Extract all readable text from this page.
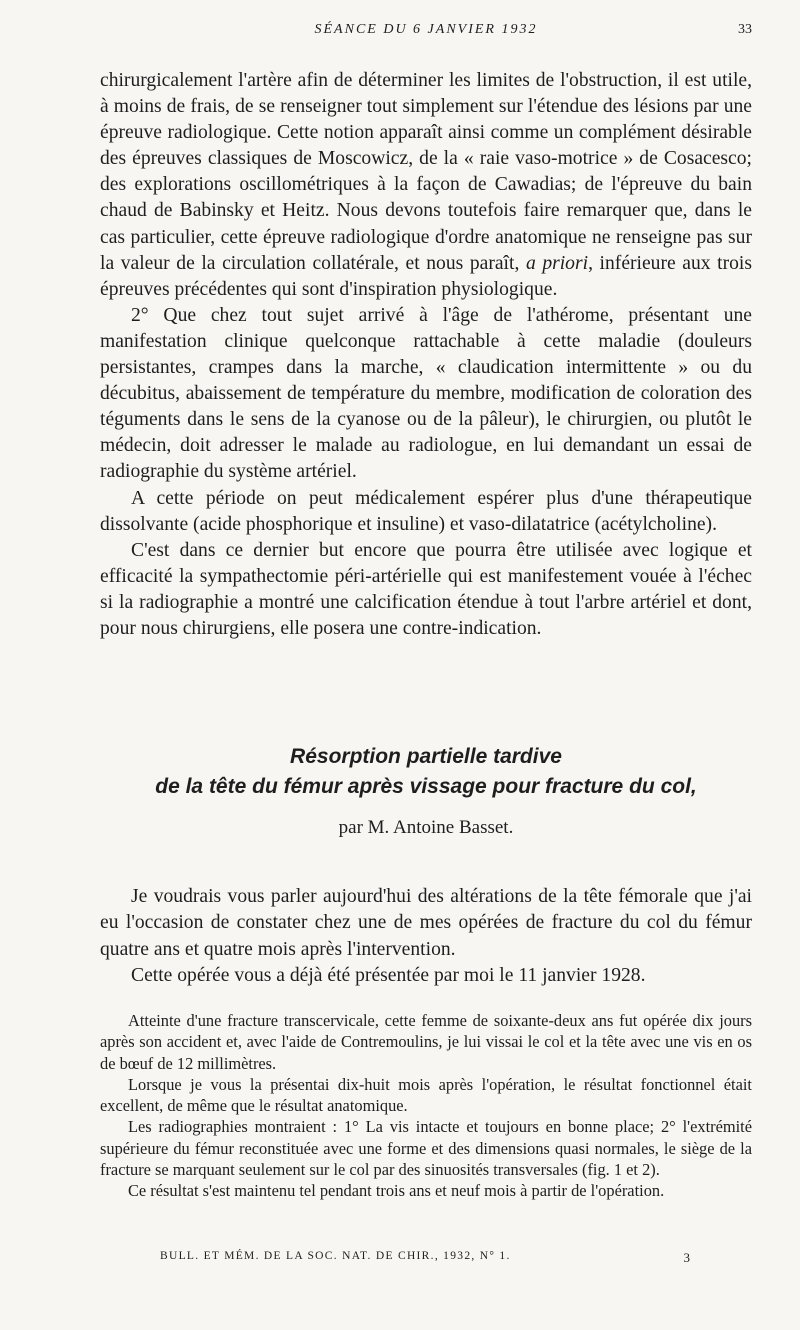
SÉANCE DU 6 JANVIER 1932	33

chirurgicalement l'artère afin de déterminer les limites de l'obstruction, il est utile, à moins de frais, de se renseigner tout simplement sur l'étendue des lésions par une épreuve radiologique. Cette notion apparaît ainsi comme un complément désirable des épreuves classiques de Moscowicz, de la « raie vaso-motrice » de Cosacesco; des explorations oscillométriques à la façon de Cawadias; de l'épreuve du bain chaud de Babinsky et Heitz. Nous devons toutefois faire remarquer que, dans le cas particulier, cette épreuve radiologique d'ordre anatomique ne renseigne pas sur la valeur de la circulation collatérale, et nous paraît, a priori, inférieure aux trois épreuves précédentes qui sont d'inspiration physiologique.

2° Que chez tout sujet arrivé à l'âge de l'athérome, présentant une manifestation clinique quelconque rattachable à cette maladie (douleurs persistantes, crampes dans la marche, « claudication intermittente » ou du décubitus, abaissement de température du membre, modification de coloration des téguments dans le sens de la cyanose ou de la pâleur), le chirurgien, ou plutôt le médecin, doit adresser le malade au radiologue, en lui demandant un essai de radiographie du système artériel.

A cette période on peut médicalement espérer plus d'une thérapeutique dissolvante (acide phosphorique et insuline) et vaso-dilatatrice (acétylcholine).

C'est dans ce dernier but encore que pourra être utilisée avec logique et efficacité la sympathectomie péri-artérielle qui est manifestement vouée à l'échec si la radiographie a montré une calcification étendue à tout l'arbre artériel et dont, pour nous chirurgiens, elle posera une contre-indication.

Résorption partielle tardive
de la tête du fémur après vissage pour fracture du col,
par M. Antoine Basset.

Je voudrais vous parler aujourd'hui des altérations de la tête fémorale que j'ai eu l'occasion de constater chez une de mes opérées de fracture du col du fémur quatre ans et quatre mois après l'intervention.

Cette opérée vous a déjà été présentée par moi le 11 janvier 1928.

Atteinte d'une fracture transcervicale, cette femme de soixante-deux ans fut opérée dix jours après son accident et, avec l'aide de Contremoulins, je lui vissai le col et la tête avec une vis en os de bœuf de 12 millimètres.

Lorsque je vous la présentai dix-huit mois après l'opération, le résultat fonctionnel était excellent, de même que le résultat anatomique.

Les radiographies montraient : 1° La vis intacte et toujours en bonne place; 2° l'extrémité supérieure du fémur reconstituée avec une forme et des dimensions quasi normales, le siège de la fracture se marquant seulement sur le col par des sinuosités transversales (fig. 1 et 2).

Ce résultat s'est maintenu tel pendant trois ans et neuf mois à partir de l'opération.

BULL. ET MÉM. DE LA SOC. NAT. DE CHIR., 1932, N° 1.	3
